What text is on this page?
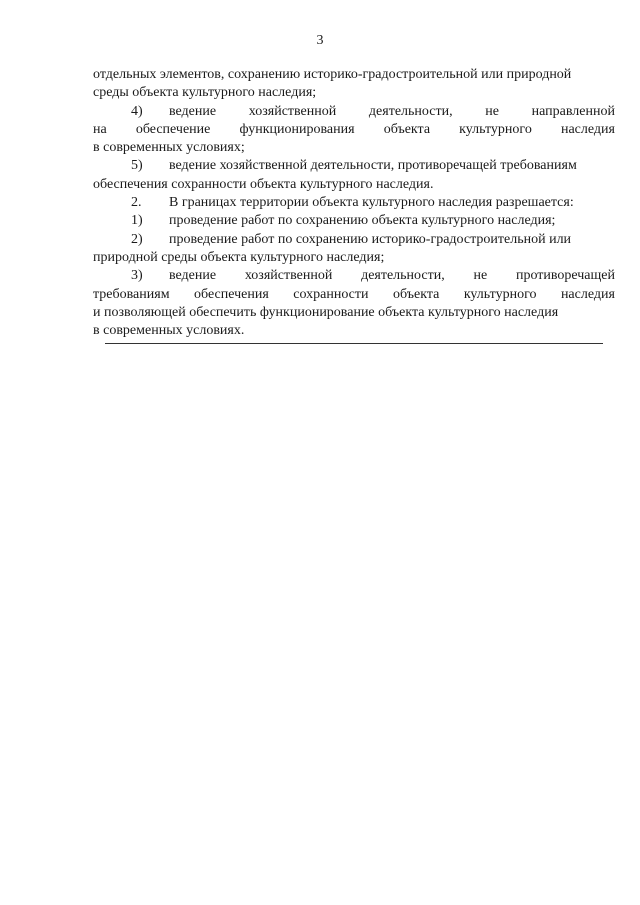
3
отдельных элементов, сохранению историко-градостроительной или природной
среды объекта культурного наследия;
4)	ведение хозяйственной деятельности, не направленной
на обеспечение функционирования объекта культурного наследия
в современных условиях;
5)	ведение хозяйственной деятельности, противоречащей требованиям
обеспечения сохранности объекта культурного наследия.
2.	В границах территории объекта культурного наследия разрешается:
1)	проведение работ по сохранению объекта культурного наследия;
2)	проведение работ по сохранению историко-градостроительной или
природной среды объекта культурного наследия;
3)	ведение хозяйственной деятельности, не противоречащей
требованиям обеспечения сохранности объекта культурного наследия
и позволяющей обеспечить функционирование объекта культурного наследия
в современных условиях.
